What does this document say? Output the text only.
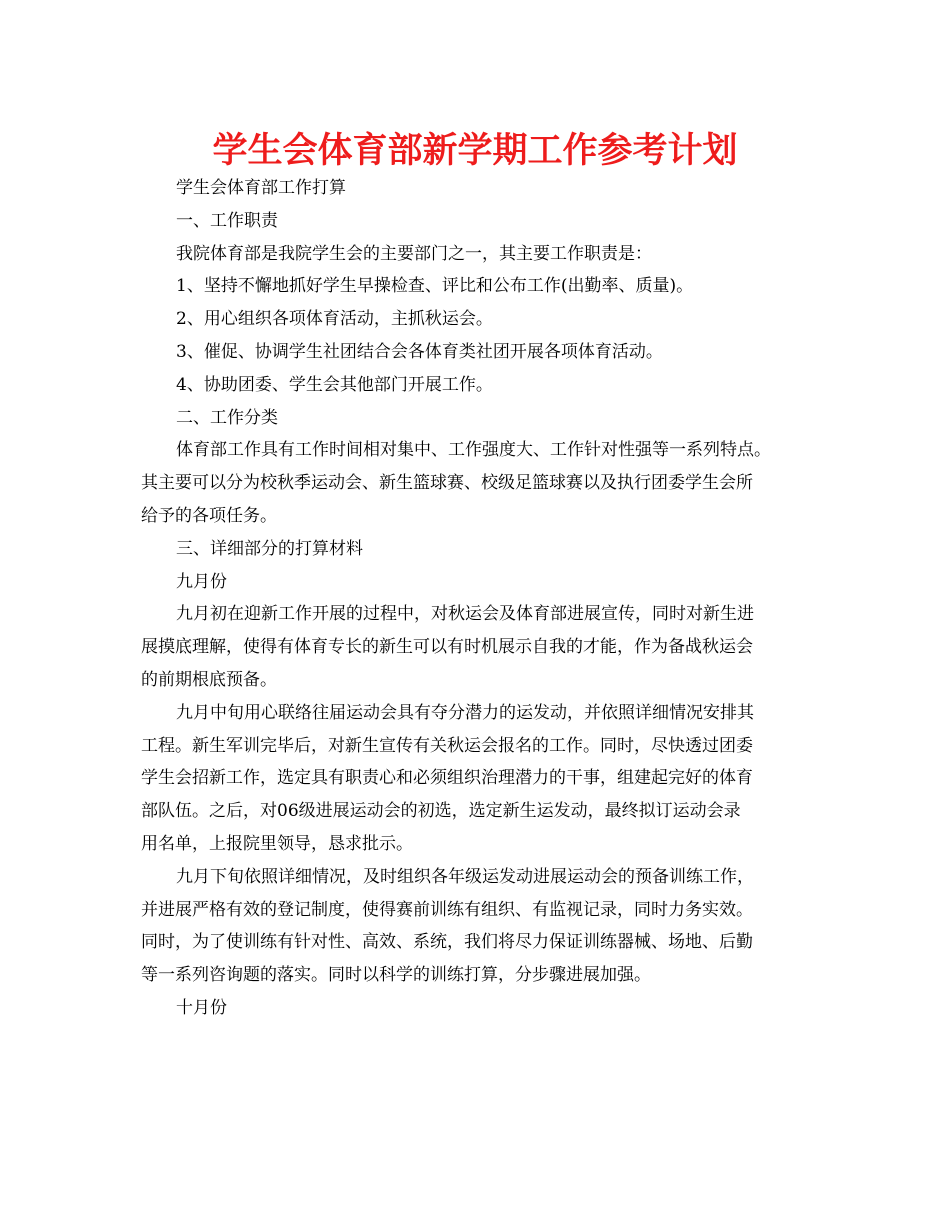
学生会体育部新学期工作参考计划
学生会体育部工作打算
一、工作职责
我院体育部是我院学生会的主要部门之一，其主要工作职责是：
1、坚持不懈地抓好学生早操检查、评比和公布工作(出勤率、质量)。
2、用心组织各项体育活动，主抓秋运会。
3、催促、协调学生社团结合会各体育类社团开展各项体育活动。
4、协助团委、学生会其他部门开展工作。
二、工作分类
体育部工作具有工作时间相对集中、工作强度大、工作针对性强等一系列特点。
其主要可以分为校秋季运动会、新生篮球赛、校级足篮球赛以及执行团委学生会所
给予的各项任务。
三、详细部分的打算材料
九月份
九月初在迎新工作开展的过程中，对秋运会及体育部进展宣传，同时对新生进
展摸底理解，使得有体育专长的新生可以有时机展示自我的才能，作为备战秋运会
的前期根底预备。
九月中旬用心联络往届运动会具有夺分潜力的运发动，并依照详细情况安排其
工程。新生军训完毕后，对新生宣传有关秋运会报名的工作。同时，尽快透过团委
学生会招新工作，选定具有职责心和必须组织治理潜力的干事，组建起完好的体育
部队伍。之后，对06级进展运动会的初选，选定新生运发动，最终拟订运动会录
用名单，上报院里领导，恳求批示。
九月下旬依照详细情况，及时组织各年级运发动进展运动会的预备训练工作，
并进展严格有效的登记制度，使得赛前训练有组织、有监视记录，同时力务实效。
同时，为了使训练有针对性、高效、系统，我们将尽力保证训练器械、场地、后勤
等一系列咨询题的落实。同时以科学的训练打算，分步骤进展加强。
十月份
